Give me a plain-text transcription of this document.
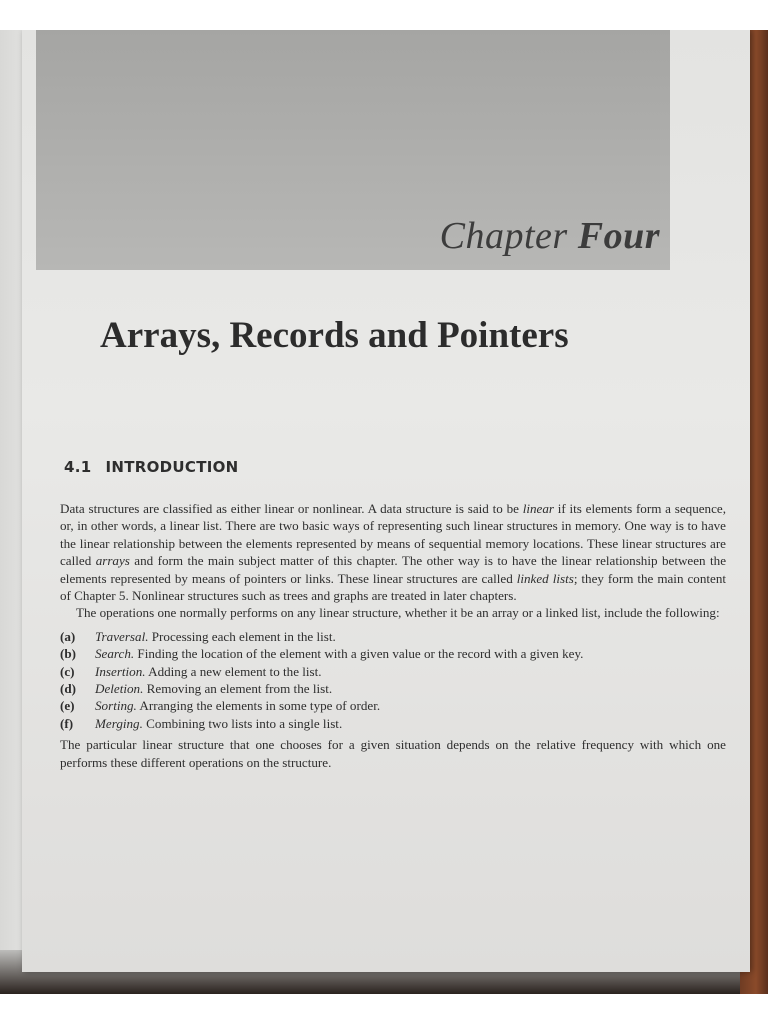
Chapter Four
Arrays, Records and Pointers
4.1 INTRODUCTION

Data structures are classified as either linear or nonlinear. A data structure is said to be linear if its elements form a sequence, or, in other words, a linear list. There are two basic ways of representing such linear structures in memory. One way is to have the linear relationship between the elements represented by means of sequential memory locations. These linear structures are called arrays and form the main subject matter of this chapter. The other way is to have the linear relationship between the elements represented by means of pointers or links. These linear structures are called linked lists; they form the main content of Chapter 5. Nonlinear structures such as trees and graphs are treated in later chapters.

The operations one normally performs on any linear structure, whether it be an array or a linked list, include the following:

(a)	Traversal. Processing each element in the list.
(b)	Search. Finding the location of the element with a given value or the record with a given key.
(c)	Insertion. Adding a new element to the list.
(d)	Deletion. Removing an element from the list.
(e)	Sorting. Arranging the elements in some type of order.
(f)	Merging. Combining two lists into a single list.

The particular linear structure that one chooses for a given situation depends on the relative frequency with which one performs these different operations on the structure.
